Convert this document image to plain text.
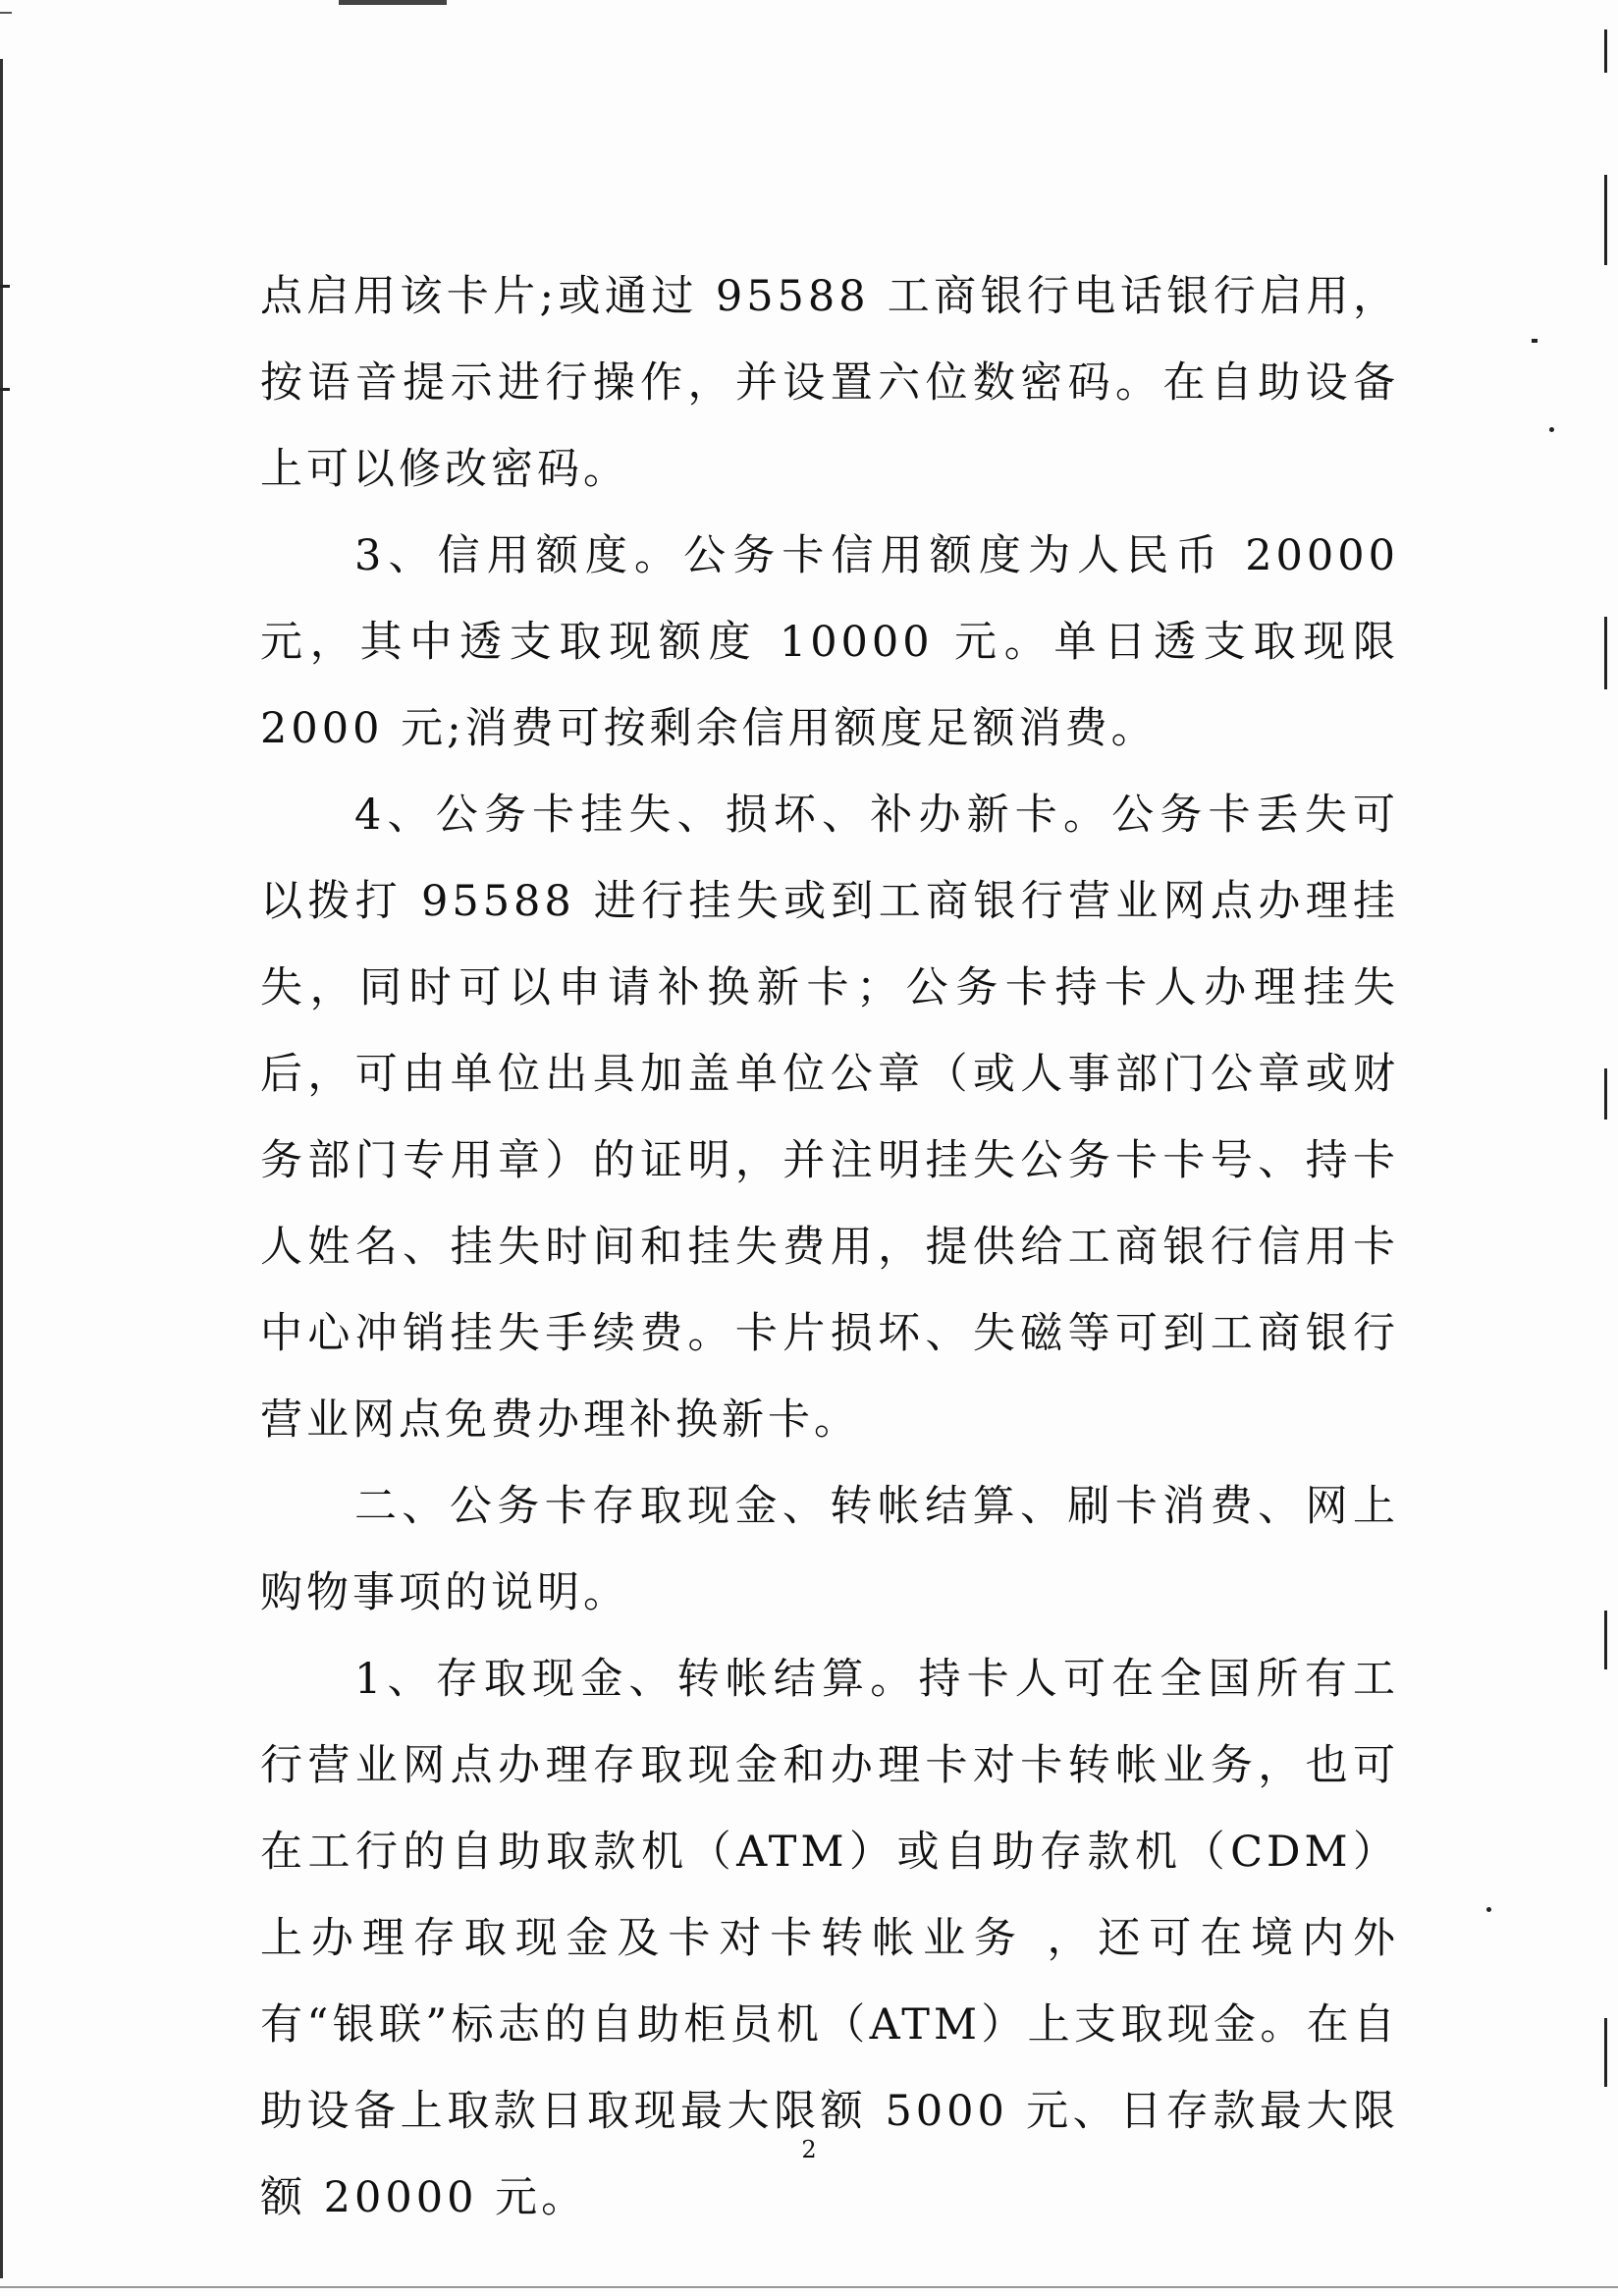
点启用该卡片;或通过 95588 工商银行电话银行启用，按语音提示进行操作，并设置六位数密码。在自助设备上可以修改密码。

3、信用额度。公务卡信用额度为人民币 20000 元，其中透支取现额度 10000 元。单日透支取现限 2000 元;消费可按剩余信用额度足额消费。

4、公务卡挂失、损坏、补办新卡。公务卡丢失可以拨打 95588 进行挂失或到工商银行营业网点办理挂失，同时可以申请补换新卡；公务卡持卡人办理挂失后，可由单位出具加盖单位公章（或人事部门公章或财务部门专用章）的证明，并注明挂失公务卡卡号、持卡人姓名、挂失时间和挂失费用，提供给工商银行信用卡中心冲销挂失手续费。卡片损坏、失磁等可到工商银行营业网点免费办理补换新卡。

二、公务卡存取现金、转帐结算、刷卡消费、网上购物事项的说明。

1、存取现金、转帐结算。持卡人可在全国所有工行营业网点办理存取现金和办理卡对卡转帐业务，也可在工行的自助取款机（ATM）或自助存款机（CDM）上办理存取现金及卡对卡转帐业务 ，还可在境内外有“银联”标志的自助柜员机（ATM）上支取现金。在自助设备上取款日取现最大限额 5000 元、日存款最大限额 20000 元。

2
